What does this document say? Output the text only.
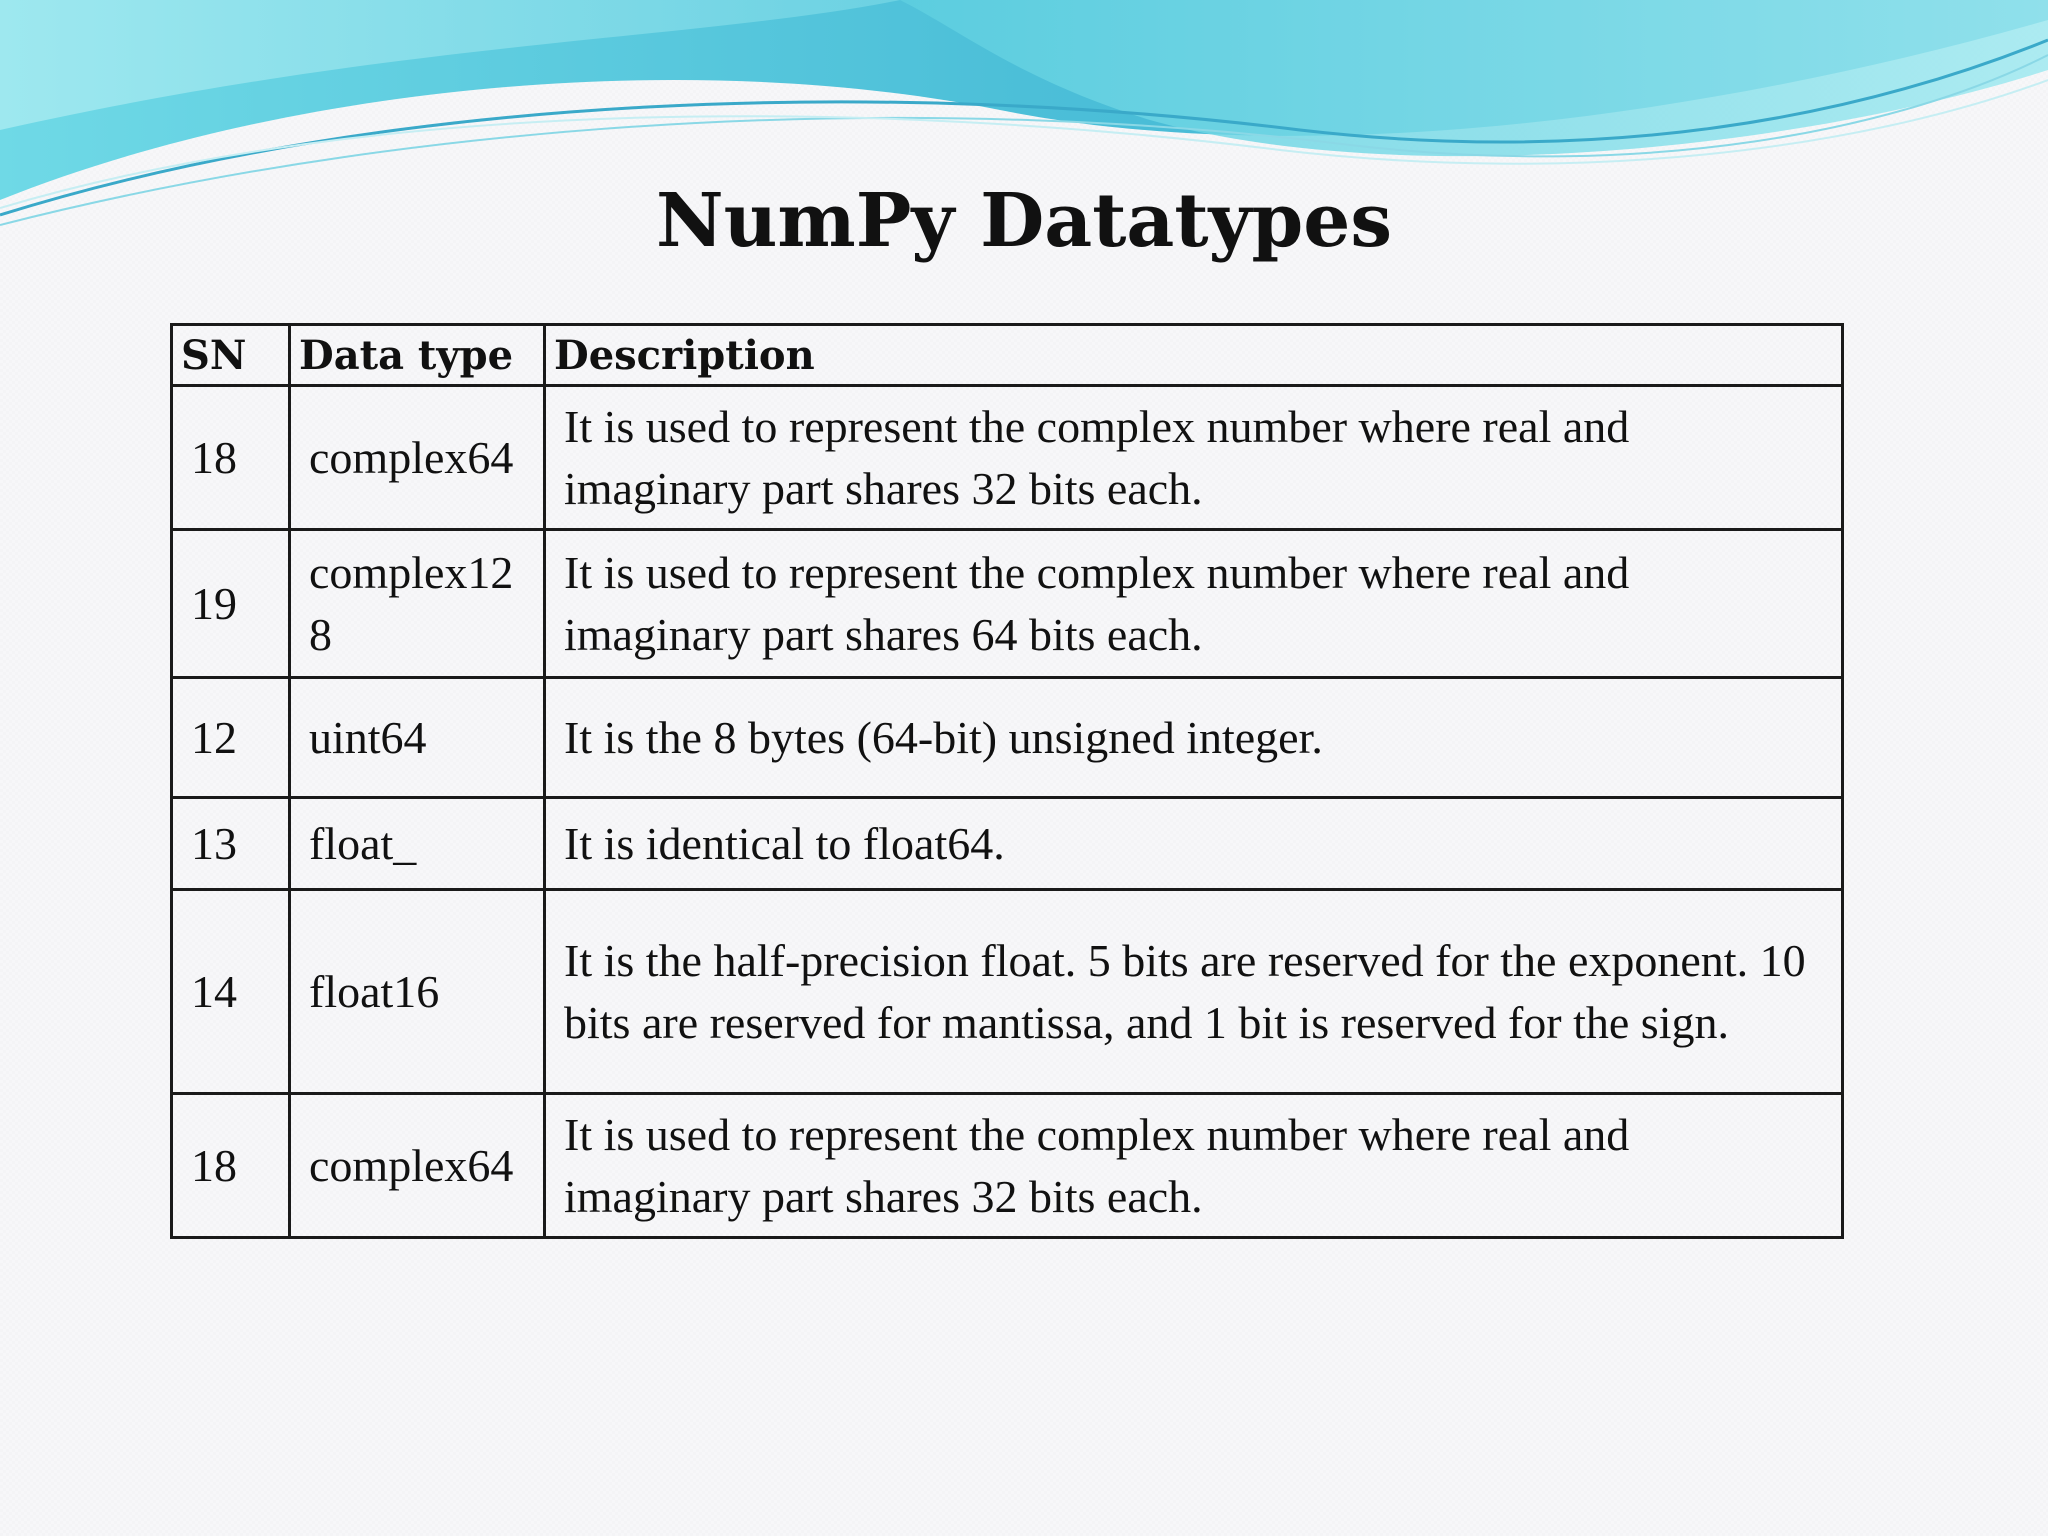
NumPy Datatypes
SN	Data type	Description
18	complex64	It is used to represent the complex number where real and imaginary part shares 32 bits each.
19	complex128	It is used to represent the complex number where real and imaginary part shares 64 bits each.
12	uint64	It is the 8 bytes (64-bit) unsigned integer.
13	float_	It is identical to float64.
14	float16	It is the half-precision float. 5 bits are reserved for the exponent. 10 bits are reserved for mantissa, and 1 bit is reserved for the sign.
18	complex64	It is used to represent the complex number where real and imaginary part shares 32 bits each.
